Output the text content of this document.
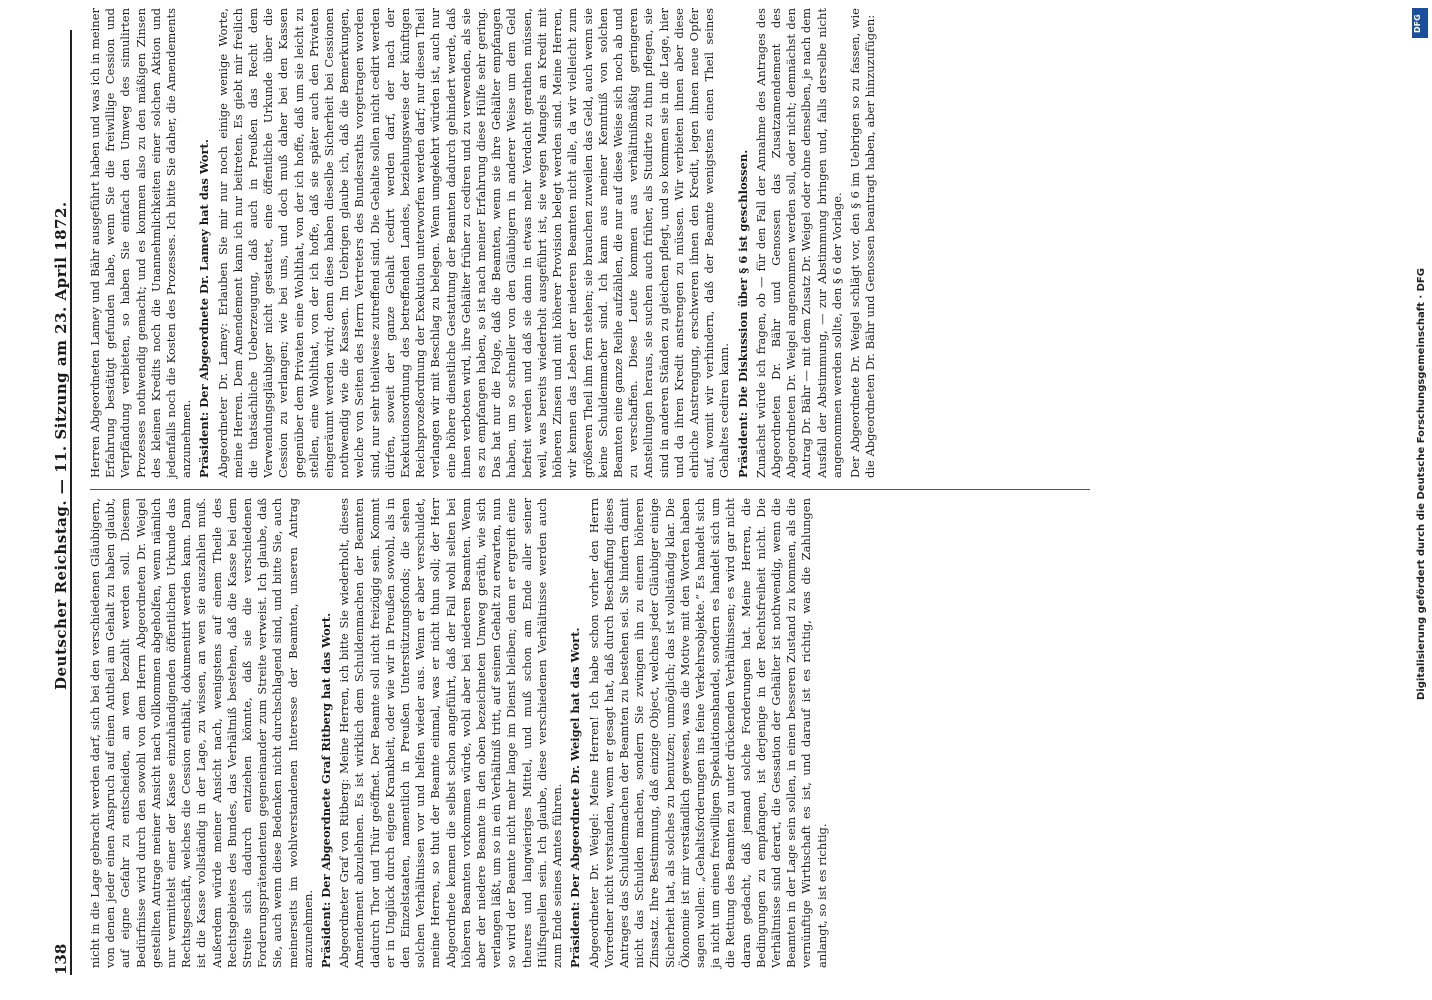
138
Deutscher Reichstag. — 11. Sitzung am 23. April 1872.

nicht in die Lage gebracht werden darf, sich bei den verschiedenen Gläubigern, von denen jeder einen Anspruch auf einen Antheil am Gehalt zu haben glaubt, auf eigne Gefahr zu entscheiden, an wen bezahlt werden soll. Diesem Bedürfnisse wird durch den sowohl von dem Herrn Abgeordneten Dr. Weigel gestellten Antrage meiner Ansicht nach vollkommen abgeholfen, wenn nämlich nur vermittelst einer der Kasse einzuhändigenden öffentlichen Urkunde das Rechtsgeschäft, welches die Cession enthält, dokumentirt werden kann. Dann ist die Kasse vollständig in der Lage, zu wissen, an wen sie auszahlen muß. Außerdem würde meiner Ansicht nach, wenigstens auf einem Theile des Rechtsgebietes des Bundes, das Verhältniß bestehen, daß die Kasse bei dem Streite sich dadurch entziehen könnte, daß sie die verschiedenen Forderungsprätendenten gegeneinander zum Streite verweist. Ich glaube, daß Sie, auch wenn diese Bedenken nicht durchschlagend sind, und bitte Sie, auch meinerseits im wohlverstandenen Interesse der Beamten, unseren Antrag anzunehmen. Präsident: Der Abgeordnete Graf Ritberg hat das Wort. Abgeordneter Graf von Ritberg: Meine Herren, ich bitte Sie wiederholt, dieses Amendement abzulehnen. Es ist wirklich dem Schuldenmachen der Beamten dadurch Thor und Thür geöffnet. Der Beamte soll nicht freizügig sein. Kommt er in Unglück durch eigene Krankheit, oder wie wir in Preußen sowohl, als in den Einzelstaaten, namentlich in Preußen Unterstützungsfonds; die sehen solchen Verhältnissen vor und helfen wieder aus. Wenn er aber verschuldet, meine Herren, so thut der Beamte einmal, was er nicht thun soll; der Herr Abgeordnete kennen die selbst schon angeführt, daß der Fall wohl selten bei höheren Beamten vorkommen würde, wohl aber bei niederen Beamten. Wenn aber der niedere Beamte in den oben bezeichneten Umweg geräth, wie sich verlangen läßt, um so in ein Verhältniß tritt, auf seinen Gehalt zu erwarten, nun so wird der Beamte nicht mehr lange im Dienst bleiben; denn er ergreift eine theures und langwieriges Mittel, und muß schon am Ende aller seiner Hülfsquellen sein. Ich glaube, diese verschiedenen Verhältnisse werden auch zum Ende seines Amtes führen. Präsident: Der Abgeordnete Dr. Weigel hat das Wort. Abgeordneter Dr. Weigel: Meine Herren! Ich habe schon vorher den Herrn Vorredner nicht verstanden, wenn er gesagt hat, daß durch Beschaffung dieses Antrages das Schuldenmachen der Beamten zu bestehen sei. Sie hindern damit nicht das Schulden machen, sondern Sie zwingen ihn zu einem höheren Zinssatz. Ihre Bestimmung, daß einzige Object, welches jeder Gläubiger einige Sicherheit hat, als solches zu benutzen; unmöglich; das ist vollständig klar. Die Ökonomie ist mir verständlich gewesen, was die Motive mit den Worten haben sagen wollen: „Gehaltsforderungen ins feine Verkehrsobjekte.“ Es handelt sich ja nicht um einen freiwilligen Spekulationshandel, sondern es handelt sich um die Rettung des Beamten zu unter drückenden Verhältnissen; es wird gar nicht daran gedacht, daß jemand solche Forderungen hat. Meine Herren, die Bedingungen zu empfangen, ist derjenige in der Rechtsfreiheit nicht. Die Verhältnisse sind derart, die Gessation der Gehälter ist nothwendig, wenn die Beamten in der Lage sein sollen, in einen besseren Zustand zu kommen, als die vernünftige Wirthschaft es ist, und darauf ist es richtig, was die Zahlungen anlangt, so ist es richtig.

Herren Abgeordneten Lamey und Bähr ausgeführt haben und was ich in meiner Erfahrung bestätigt gefunden habe, wenn Sie die freiwillige Cession und Verpfändung verbieten, so haben Sie einfach den Umweg des simulirten Prozesses nothwendig gemacht; und es kommen also zu den mäßigen Zinsen des kleinen Kredits noch die Unannehmlichkeiten einer solchen Aktion und jedenfalls noch die Kosten des Prozesses. Ich bitte Sie daher, die Amendements anzunehmen. Präsident: Der Abgeordnete Dr. Lamey hat das Wort. Abgeordneter Dr. Lamey: Erlauben Sie mir nur noch einige wenige Worte, meine Herren. Dem Amendement kann ich nur beitreten. Es giebt mir freilich die thatsächliche Ueberzeugung, daß auch in Preußen das Recht dem Verwendungsgläubiger nicht gestattet, eine öffentliche Urkunde über die Cession zu verlangen; wie bei uns, und doch muß daher bei den Kassen gegenüber dem Privaten eine Wohlthat, von der ich hoffe, daß um sie leicht zu stellen, eine Wohlthat, von der ich hoffe, daß sie später auch den Privaten eingeräumt werden wird; denn diese haben dieselbe Sicherheit bei Cessionen nothwendig wie die Kassen. Im Uebrigen glaube ich, daß die Bemerkungen, welche von Seiten des Herrn Vertreters des Bundesraths vorgetragen worden sind, nur sehr theilweise zutreffend sind. Die Gehalte sollen nicht cedirt werden dürfen, soweit der ganze Gehalt cedirt werden darf, der nach der Exekutionsordnung des betreffenden Landes, beziehungsweise der künftigen Reichsprozeßordnung der Exekution unterworfen werden darf; nur diesen Theil verlangen wir mit Beschlag zu belegen. Wenn umgekehrt würden ist, auch nur eine höhere dienstliche Gestattung der Beamten dadurch gehindert werde, daß ihnen verboten wird, ihre Gehälter früher zu cediren und zu verwenden, als sie es zu empfangen haben, so ist nach meiner Erfahrung diese Hülfe sehr gering. Das hat nur die Folge, daß die Beamten, wenn sie ihre Gehälter empfangen haben, um so schneller von den Gläubigern in anderer Weise um dem Geld befreit werden und daß sie dann in etwas mehr Verdacht gerathen müssen, weil, was bereits wiederholt ausgeführt ist, sie wegen Mangels an Kredit mit höheren Zinsen und mit höherer Provision belegt werden sind. Meine Herren, wir kennen das Leben der niederen Beamten nicht alle, da wir vielleicht zum größeren Theil ihm fern stehen; sie brauchen zuweilen das Geld, auch wenn sie keine Schuldenmacher sind. Ich kann aus meiner Kenntniß von solchen Beamten eine ganze Reihe aufzählen, die nur auf diese Weise sich noch ab und zu verschaffen. Diese Leute kommen aus verhältnißmäßig geringeren Anstellungen heraus, sie suchen auch früher, als Studirte zu thun pflegen, sie sind in anderen Ständen zu gleichen pflegt, und so kommen sie in die Lage, hier und da ihren Kredit anstrengen zu müssen. Wir verbieten ihnen aber diese ehrliche Anstrengung, erschweren ihnen den Kredit, legen ihnen neue Opfer auf, womit wir verhindern, daß der Beamte wenigstens einen Theil seines Gehaltes cediren kann. Präsident: Die Diskussion über § 6 ist geschlossen. Zunächst würde ich fragen, ob — für den Fall der Annahme des Antrages des Abgeordneten Dr. Bähr und Genossen das Zusatzamendement des Abgeordneten Dr. Weigel angenommen werden soll, oder nicht; demnächst den Antrag Dr. Bähr — mit dem Zusatz Dr. Weigel oder ohne denselben, je nach dem Ausfall der Abstimmung, — zur Abstimmung bringen und, falls derselbe nicht angenommen werden sollte, den § 6 der Vorlage. Der Abgeordnete Dr. Weigel schlägt vor, den § 6 im Uebrigen so zu fassen, wie die Abgeordneten Dr. Bähr und Genossen beantragt haben, aber hinzuzufügen:

Digitalisierung gefördert durch die Deutsche Forschungsgemeinschaft · DFG
DFG
